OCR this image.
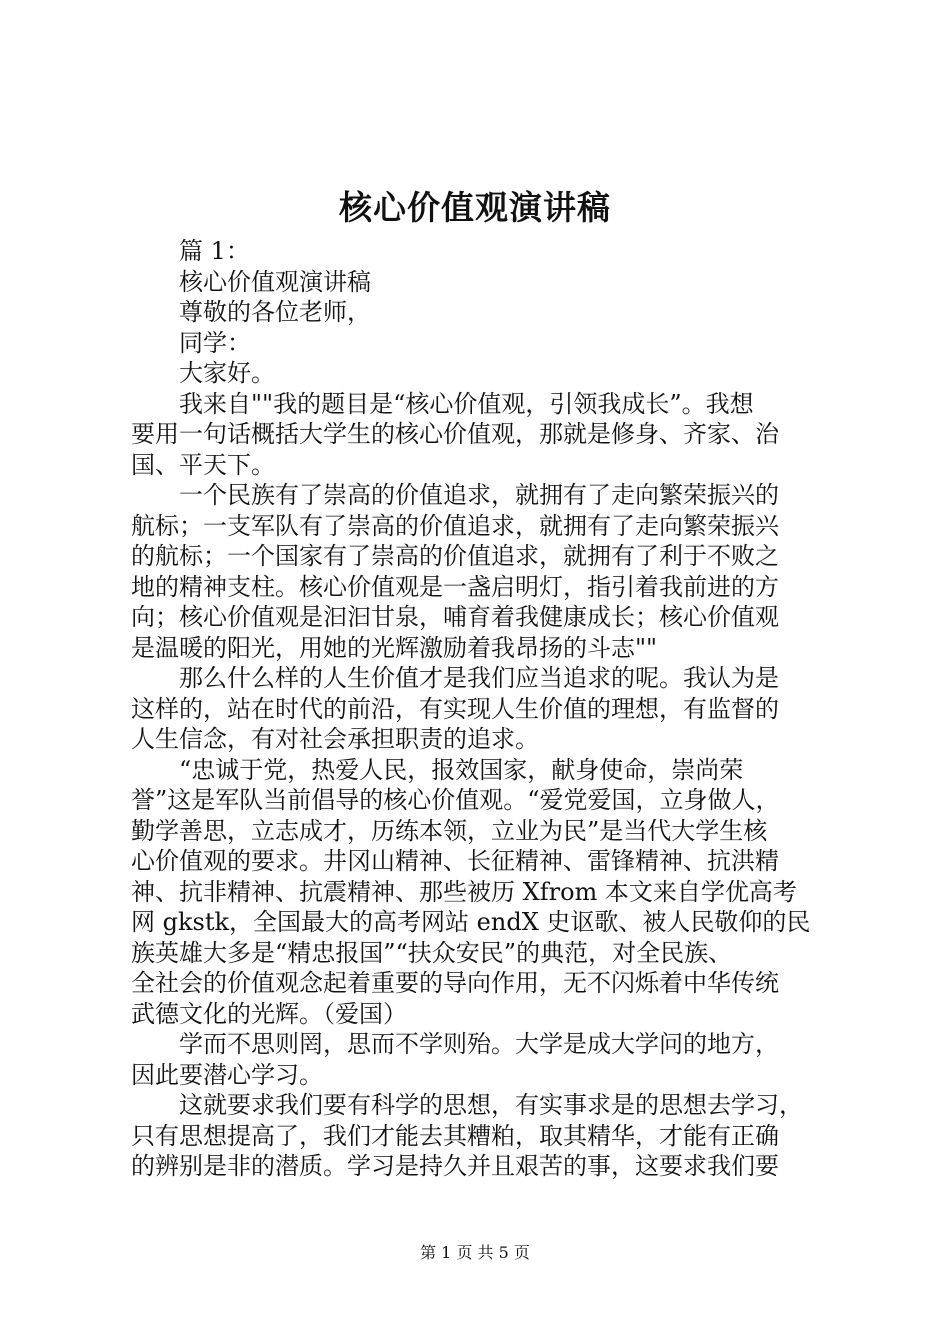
核心价值观演讲稿
篇 1：
核心价值观演讲稿
尊敬的各位老师，
同学：
大家好。
我来自""我的题目是“核心价值观，引领我成长”。我想
要用一句话概括大学生的核心价值观，那就是修身、齐家、治
国、平天下。
一个民族有了崇高的价值追求，就拥有了走向繁荣振兴的
航标；一支军队有了崇高的价值追求，就拥有了走向繁荣振兴
的航标；一个国家有了崇高的价值追求，就拥有了利于不败之
地的精神支柱。核心价值观是一盏启明灯，指引着我前进的方
向；核心价值观是汩汩甘泉，哺育着我健康成长；核心价值观
是温暖的阳光，用她的光辉激励着我昂扬的斗志""
那么什么样的人生价值才是我们应当追求的呢。我认为是
这样的，站在时代的前沿，有实现人生价值的理想，有监督的
人生信念，有对社会承担职责的追求。
“忠诚于党，热爱人民，报效国家，献身使命，崇尚荣
誉”这是军队当前倡导的核心价值观。“爱党爱国，立身做人，
勤学善思，立志成才，历练本领，立业为民”是当代大学生核
心价值观的要求。井冈山精神、长征精神、雷锋精神、抗洪精
神、抗非精神、抗震精神、那些被历 Xfrom 本文来自学优高考
网 gkstk，全国最大的高考网站 endX 史讴歌、被人民敬仰的民
族英雄大多是“精忠报国”“扶众安民”的典范，对全民族、
全社会的价值观念起着重要的导向作用，无不闪烁着中华传统
武德文化的光辉。（爱国）
学而不思则罔，思而不学则殆。大学是成大学问的地方，
因此要潜心学习。
这就要求我们要有科学的思想，有实事求是的思想去学习，
只有思想提高了，我们才能去其糟粕，取其精华，才能有正确
的辨别是非的潜质。学习是持久并且艰苦的事，这要求我们要
第 1 页 共 5 页
